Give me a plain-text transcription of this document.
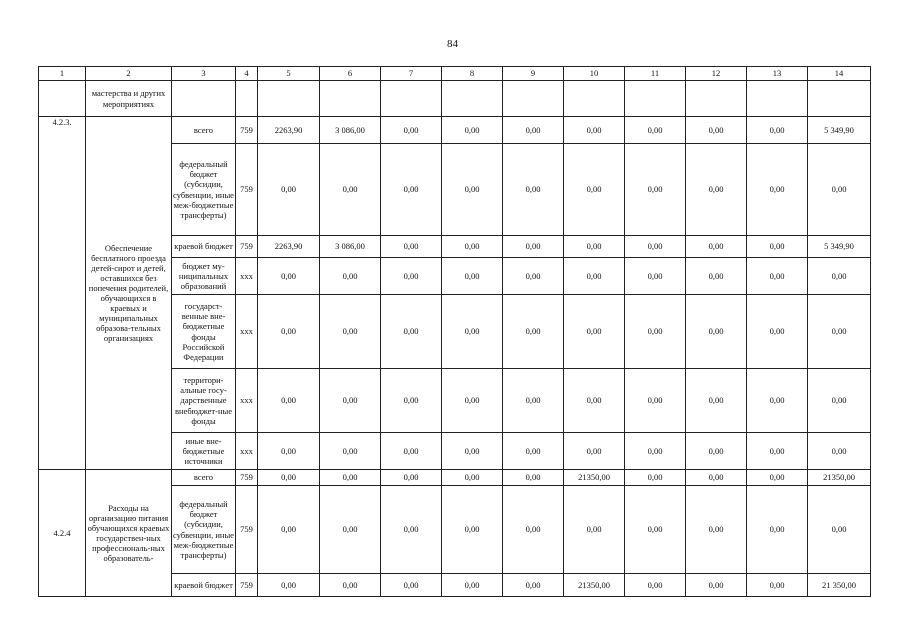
84
1	2	3	4	5	6	7	8	9	10	11	12	13	14
	мастерства и других мероприятиях												
4.2.3.	Обеспечение бесплатного проезда детей-сирот и детей, оставшихся без попечения родителей, обучающихся в краевых и муниципальных образова-тельных организациях	всего	759	2263,90	3 086,00	0,00	0,00	0,00	0,00	0,00	0,00	0,00	5 349,90
		федеральный бюджет (субсидии, субвенции, иные меж-бюджетные трансферты)	759	0,00	0,00	0,00	0,00	0,00	0,00	0,00	0,00	0,00	0,00
		краевой бюджет	759	2263,90	3 086,00	0,00	0,00	0,00	0,00	0,00	0,00	0,00	5 349,90
		бюджет му-ниципальных образований	xxx	0,00	0,00	0,00	0,00	0,00	0,00	0,00	0,00	0,00	0,00
		государст-венные вне-бюджетные фонды Российской Федерации	xxx	0,00	0,00	0,00	0,00	0,00	0,00	0,00	0,00	0,00	0,00
		территори-альные госу-дарственные внебюджет-ные фонды	xxx	0,00	0,00	0,00	0,00	0,00	0,00	0,00	0,00	0,00	0,00
		иные вне-бюджетные источники	xxx	0,00	0,00	0,00	0,00	0,00	0,00	0,00	0,00	0,00	0,00
4.2.4	Расходы на организацию питания обучающихся краевых государствен-ных профессиональ-ных образователь-	всего	759	0,00	0,00	0,00	0,00	0,00	21350,00	0,00	0,00	0,00	21350,00
		федеральный бюджет (субсидии, субвенции, иные меж-бюджетные трансферты)	759	0,00	0,00	0,00	0,00	0,00	0,00	0,00	0,00	0,00	0,00
		краевой бюджет	759	0,00	0,00	0,00	0,00	0,00	21350,00	0,00	0,00	0,00	21 350,00
